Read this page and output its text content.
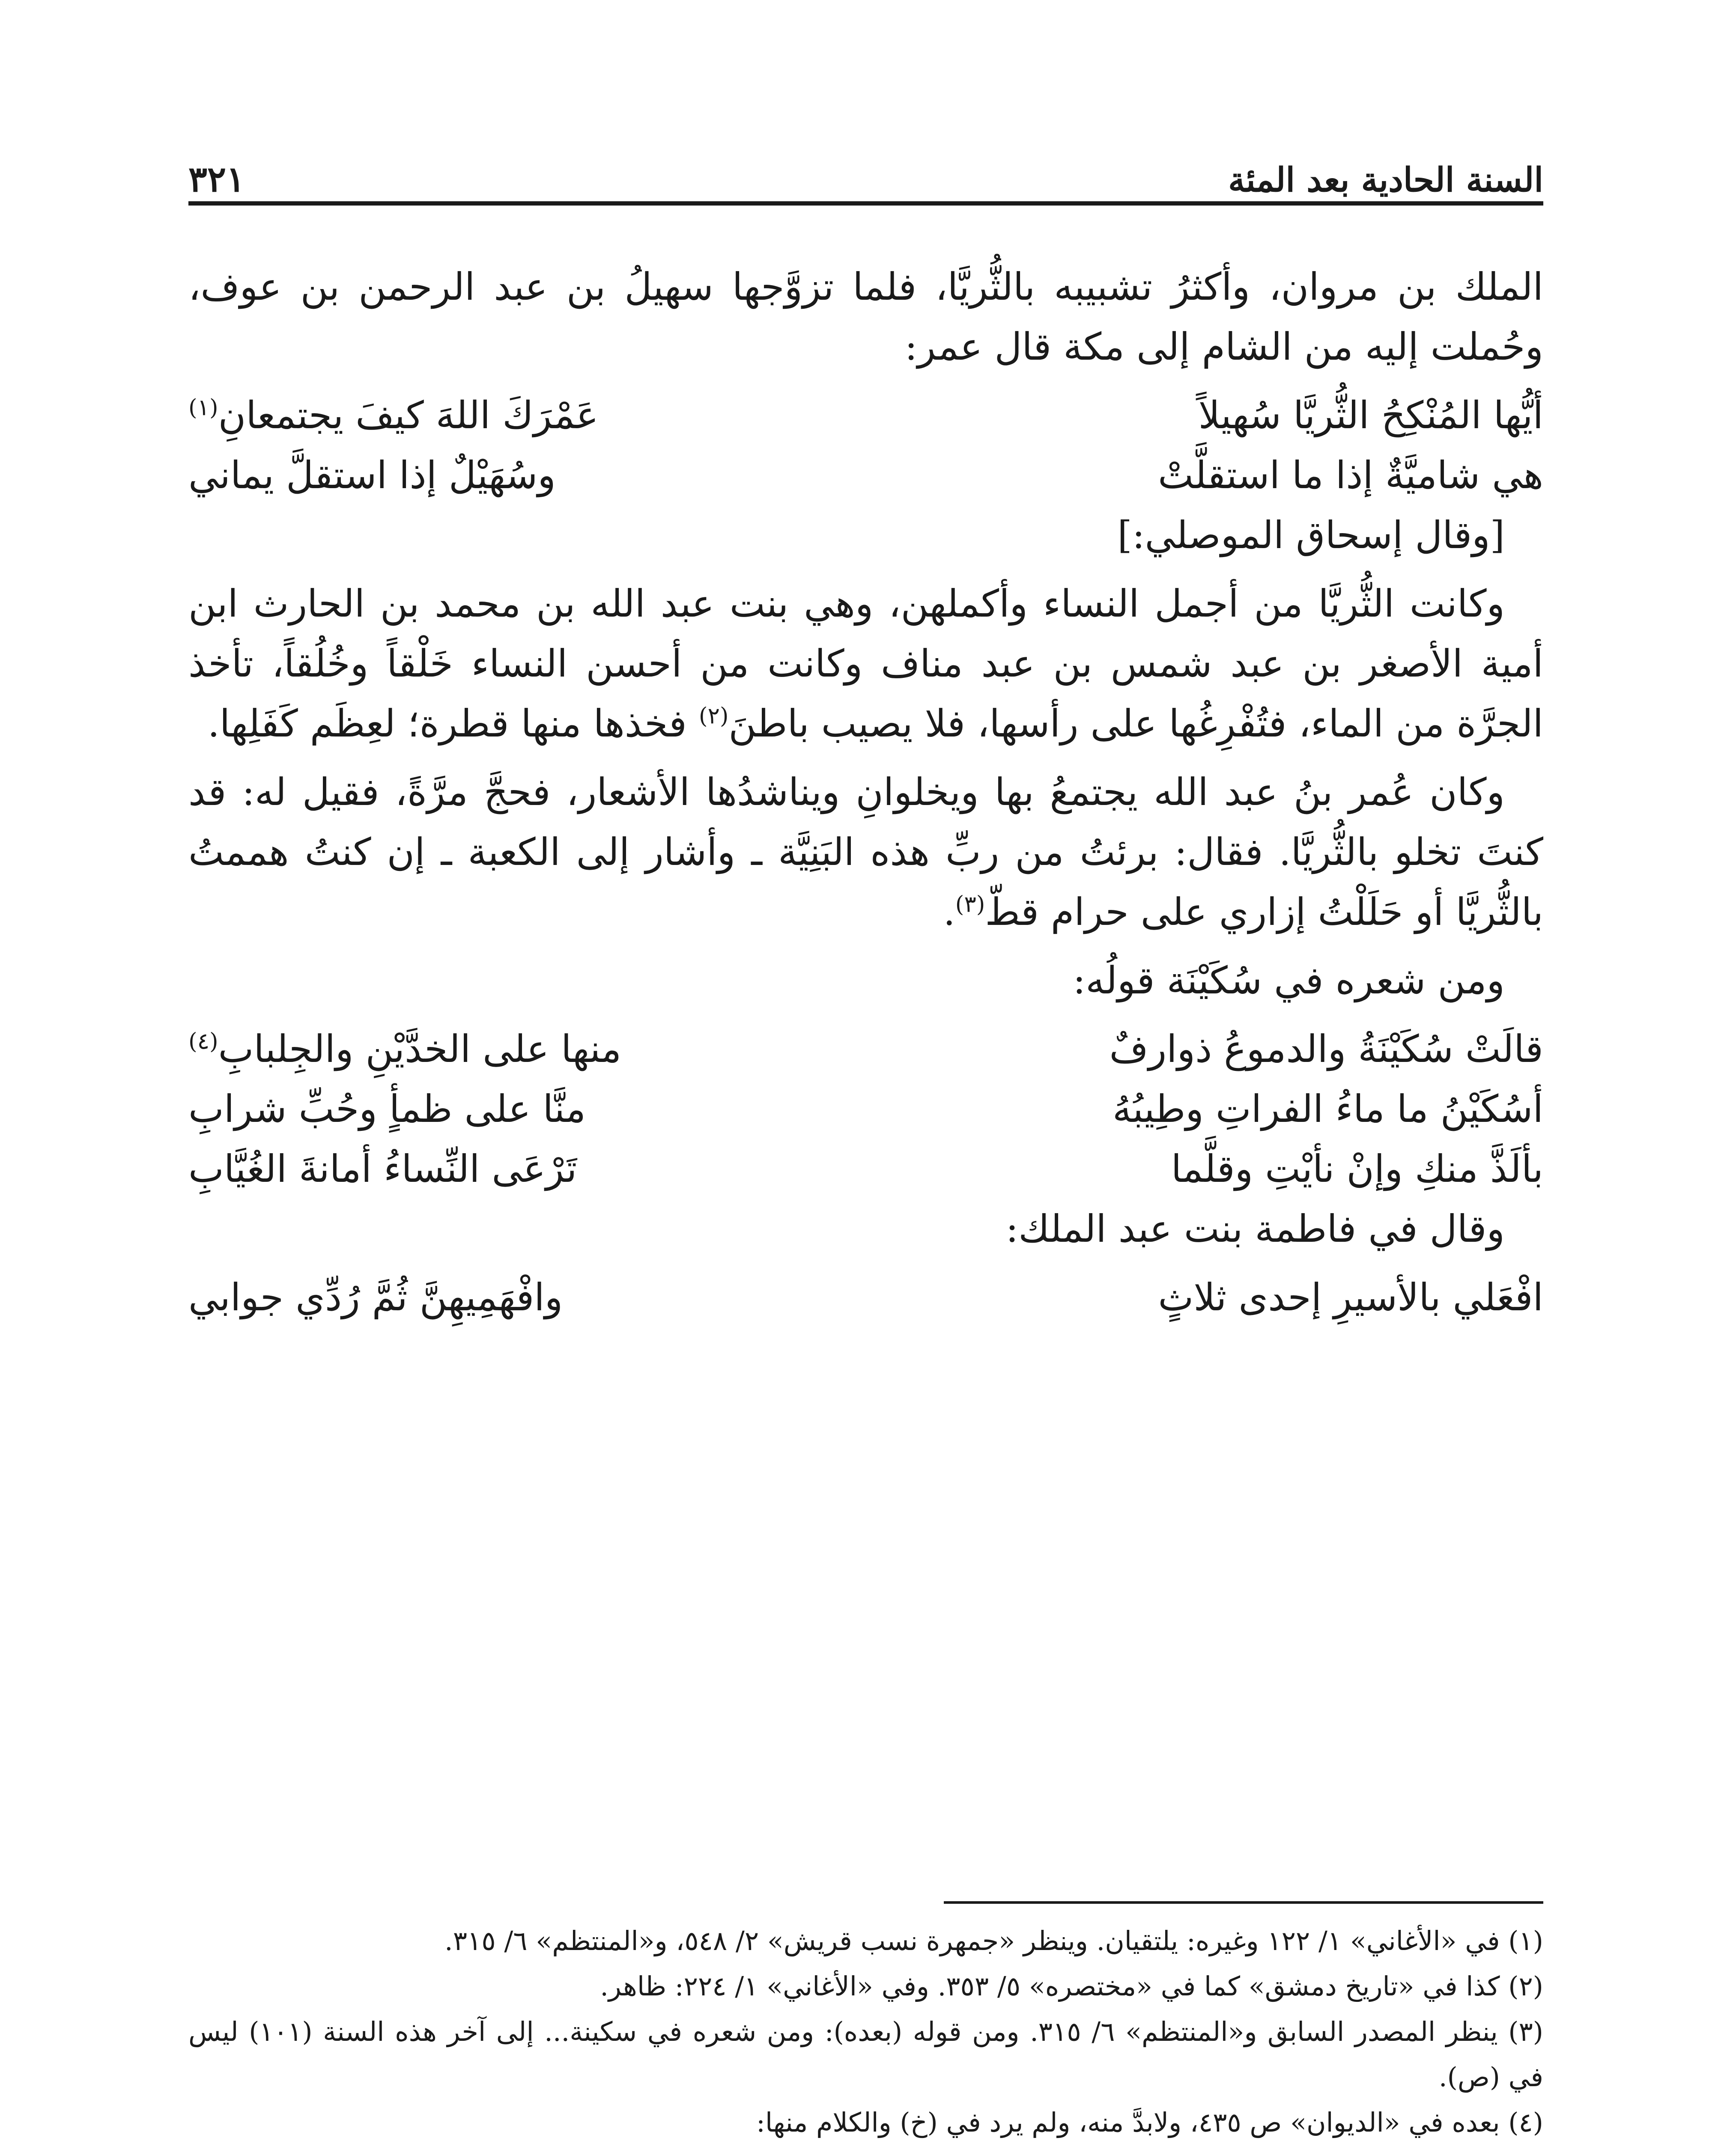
السنة الحادية بعد المئة
٣٢١

الملك بن مروان، وأكثرُ تشبيبه بالثُّريَّا، فلما تزوَّجها سهيلُ بن عبد الرحمن بن عوف، وحُملت إليه من الشام إلى مكة قال عمر:

أيُّها المُنْكِحُ الثُّريَّا سُهيلاً
عَمْرَكَ اللهَ كيفَ يجتمعانِ$^{(١)}$
هي شاميَّةٌ إذا ما استقلَّتْ
وسُهَيْلٌ إذا استقلَّ يماني

[وقال إسحاق الموصلي:]

وكانت الثُّريَّا من أجمل النساء وأكملهن، وهي بنت عبد الله بن محمد بن الحارث ابن أمية الأصغر بن عبد شمس بن عبد مناف وكانت من أحسن النساء خَلْقاً وخُلُقاً، تأخذ الجرَّة من الماء، فتُفْرِغُها على رأسها، فلا يصيب باطنَ$^{(٢)}$ فخذها منها قطرة؛ لعِظَم كَفَلِها.

وكان عُمر بنُ عبد الله يجتمعُ بها ويخلوانِ ويناشدُها الأشعار، فحجَّ مرَّةً، فقيل له: قد كنتَ تخلو بالثُّريَّا. فقال: برئتُ من ربِّ هذه البَنِيَّة ـ وأشار إلى الكعبة ـ إن كنتُ هممتُ بالثُّريَّا أو حَلَلْتُ إزاري على حرام قطّ$^{(٣)}$.

ومن شعره في سُكَيْنَة قولُه:

قالَتْ سُكَيْنَةُ والدموعُ ذوارفٌ
منها على الخدَّيْنِ والجِلبابِ$^{(٤)}$
أسُكَيْنُ ما ماءُ الفراتِ وطِيبُهُ
منَّا على ظمأٍ وحُبِّ شرابِ
بألَذَّ منكِ وإنْ نأيْتِ وقلَّما
تَرْعَى النِّساءُ أمانةَ الغُيَّابِ

وقال في فاطمة بنت عبد الملك:

افْعَلي بالأسيرِ إحدى ثلاثٍ
وافْهَمِيهِنَّ ثُمَّ رُدِّي جوابي

(١) في «الأغاني» ١/ ١٢٢ وغيره: يلتقيان. وينظر «جمهرة نسب قريش» ٢/ ٥٤٨، و«المنتظم» ٦/ ٣١٥.

(٢) كذا في «تاريخ دمشق» كما في «مختصره» ٥/ ٣٥٣. وفي «الأغاني» ١/ ٢٢٤: ظاهر.

(٣) ينظر المصدر السابق و«المنتظم» ٦/ ٣١٥. ومن قوله (بعده): ومن شعره في سكينة... إلى آخر هذه السنة (١٠١) ليس في (ص).

(٤) بعده في «الديوان» ص ٤٣٥، ولابدَّ منه، ولم يرد في (خ) والكلام منها:
